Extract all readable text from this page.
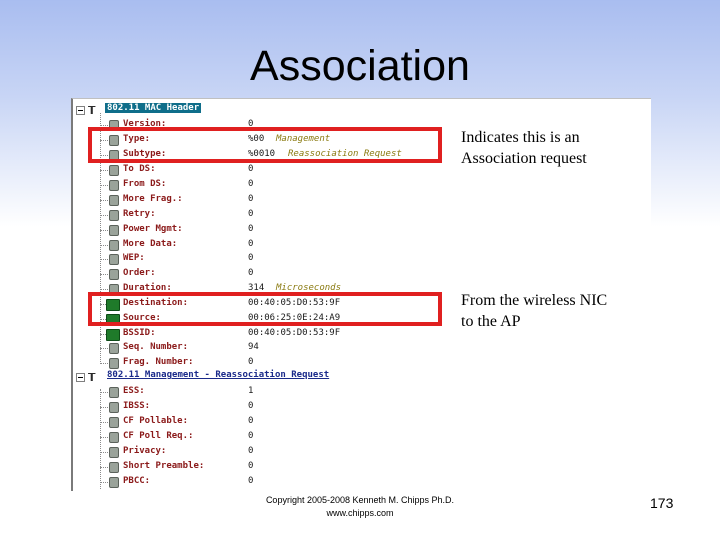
Association
𝗧 802.11 MAC Header
Version:	0
Type:	%00 Management
Subtype:	%0010 Reassociation Request
To DS:	0
From DS:	0
More Frag.:	0
Retry:	0
Power Mgmt:	0
More Data:	0
WEP:	0
Order:	0
Duration:	314 Microseconds
Destination:	00:40:05:D0:53:9F
Source:	00:06:25:0E:24:A9
BSSID:	00:40:05:D0:53:9F
Seq. Number:	94
Frag. Number:	0
𝗧 802.11 Management - Reassociation Request
ESS:	1
IBSS:	0
CF Pollable:	0
CF Poll Req.:	0
Privacy:	0
Short Preamble:	0
PBCC:	0
Indicates this is an
Association request
From the wireless NIC
to the AP
Copyright 2005-2008 Kenneth M. Chipps Ph.D.
www.chipps.com
173
